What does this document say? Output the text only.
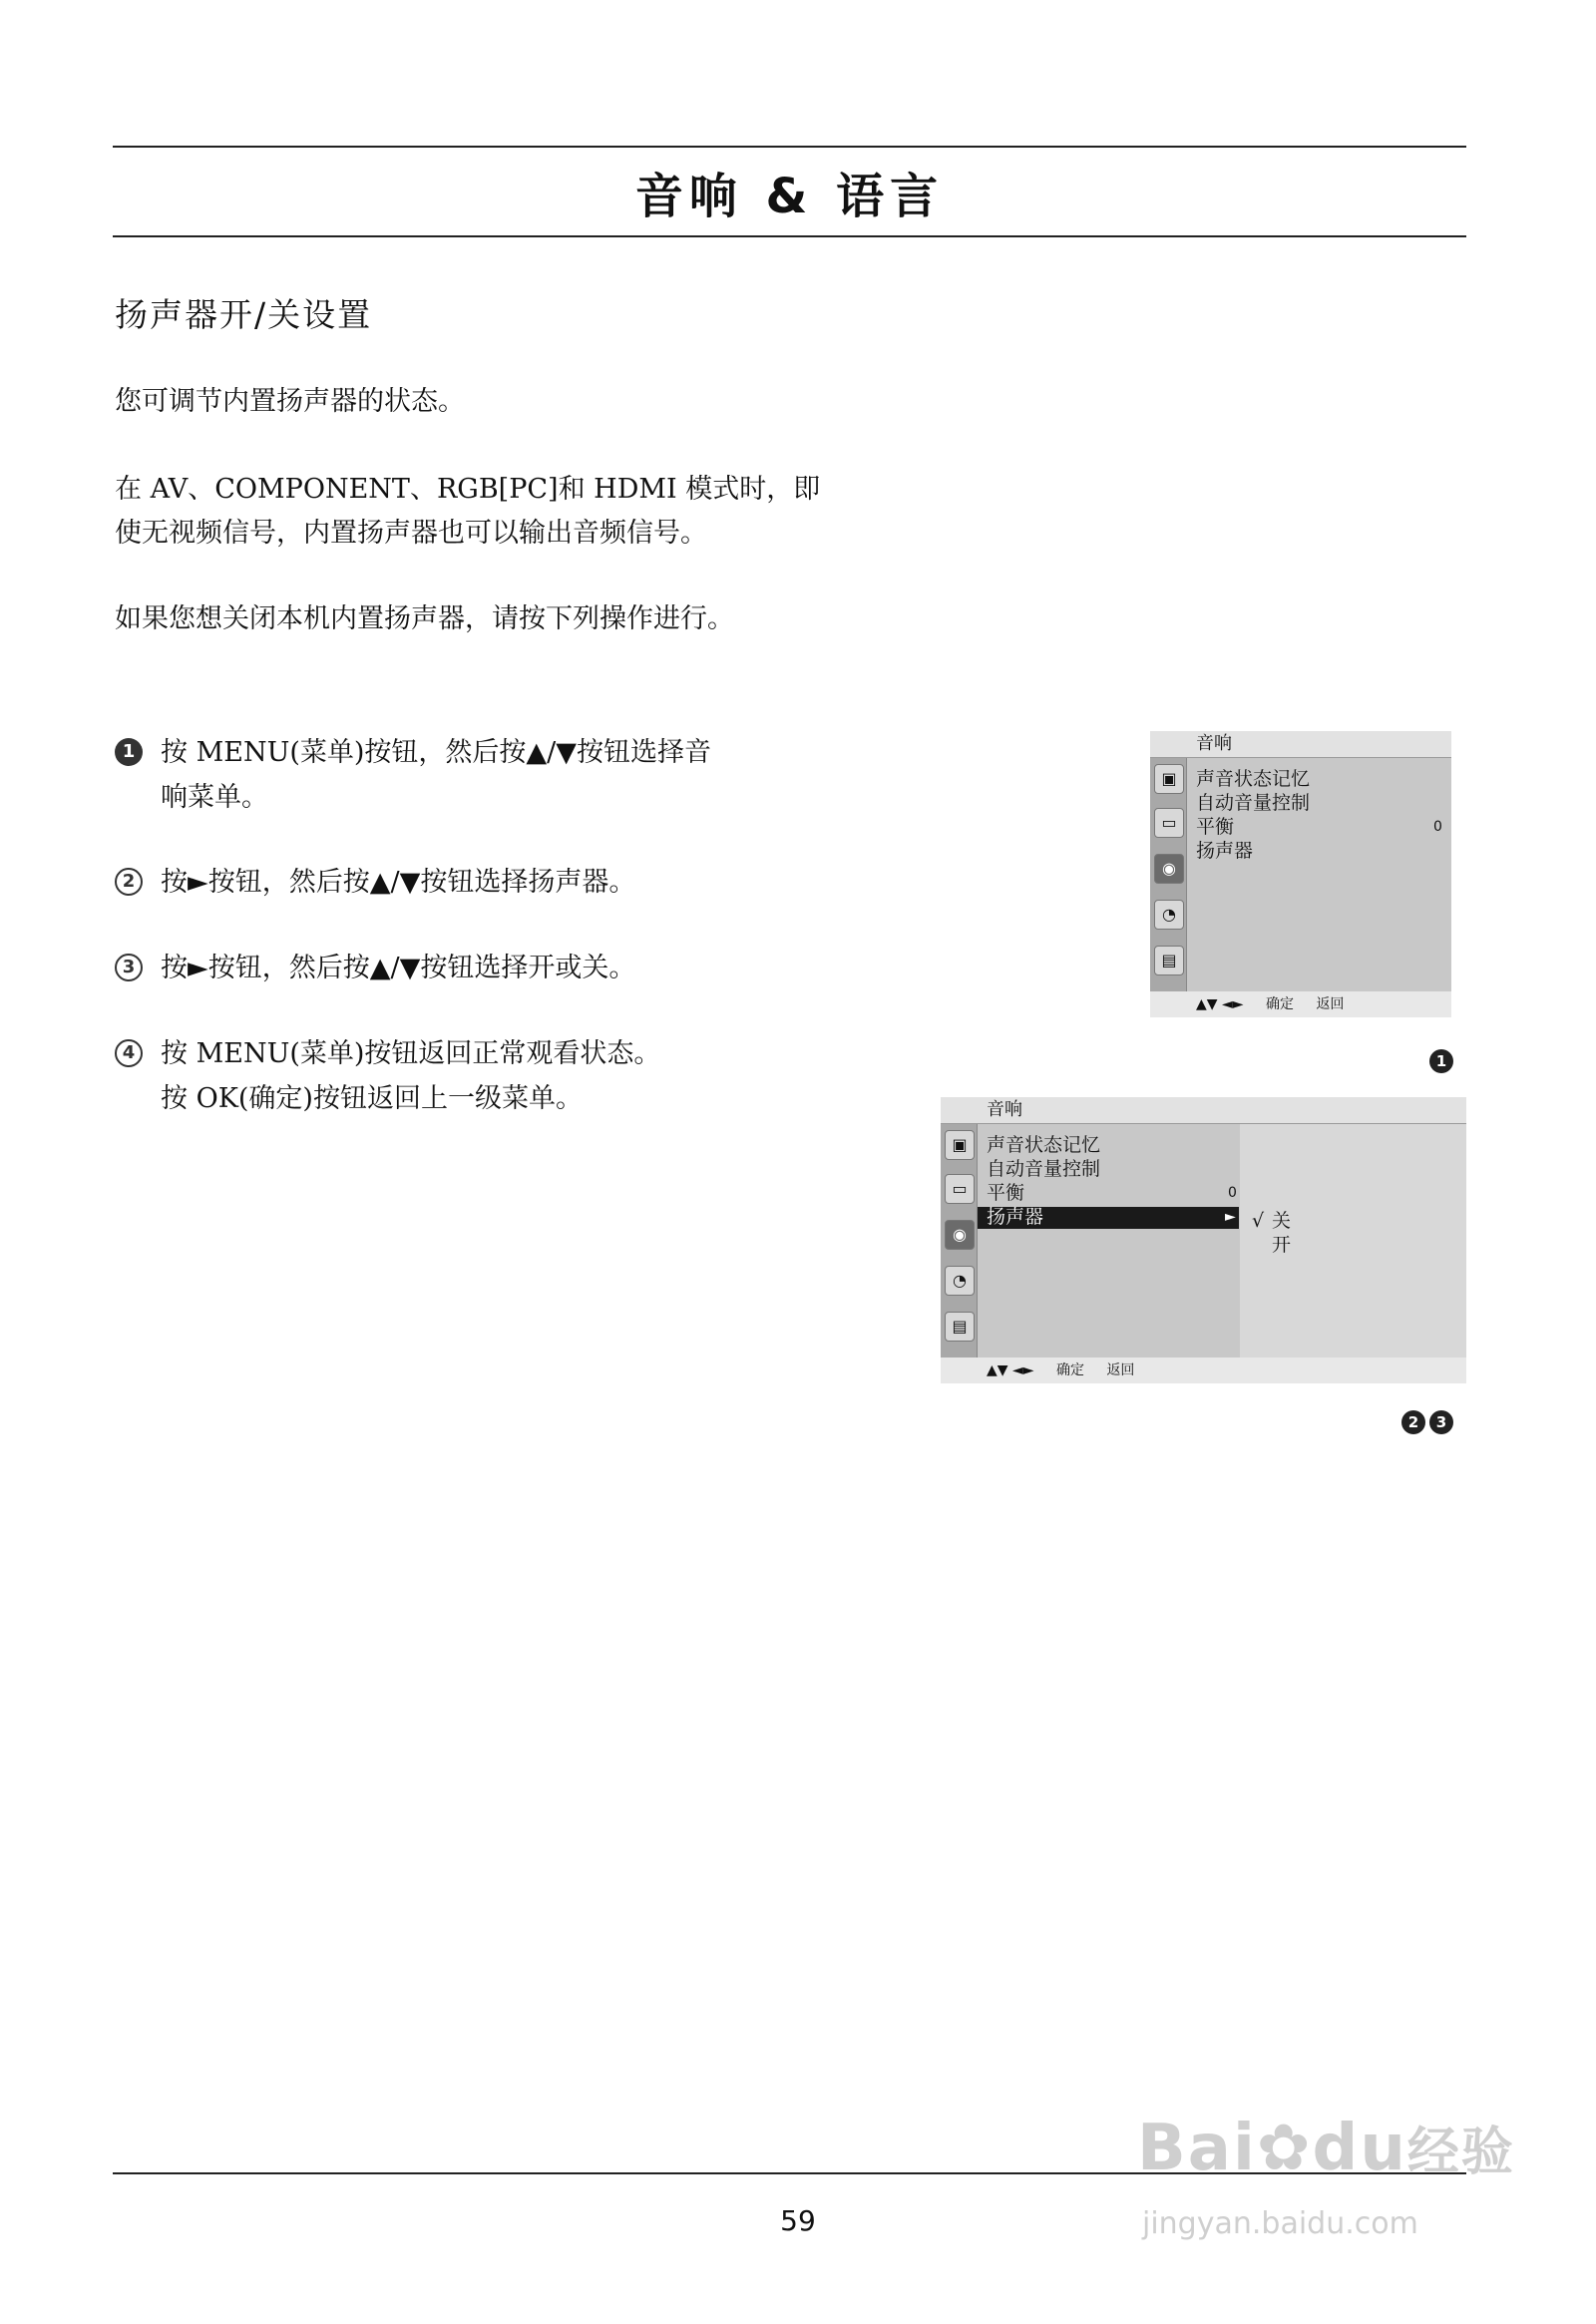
音响 & 语言
扬声器开/关设置
您可调节内置扬声器的状态。
在 AV、COMPONENT、RGB[PC]和 HDMI 模式时，即
使无视频信号，内置扬声器也可以输出音频信号。
如果您想关闭本机内置扬声器，请按下列操作进行。
1 按 MENU(菜单)按钮，然后按▲/▼按钮选择音
响菜单。
2 按►按钮，然后按▲/▼按钮选择扬声器。
3 按►按钮，然后按▲/▼按钮选择开或关。
4 按 MENU(菜单)按钮返回正常观看状态。
按 OK(确定)按钮返回上一级菜单。
音响
▣
▭
◉
◔
▤
声音状态记忆
自动音量控制
平衡	0
扬声器
▲▼ ◄► 确定 返回
1
音响
▣
▭
◉
◔
▤
声音状态记忆
自动音量控制
平衡	0
扬声器	► √ 关
开
▲▼ ◄► 确定 返回
2	3
59
Bai✿du经验
jingyan.baidu.com
